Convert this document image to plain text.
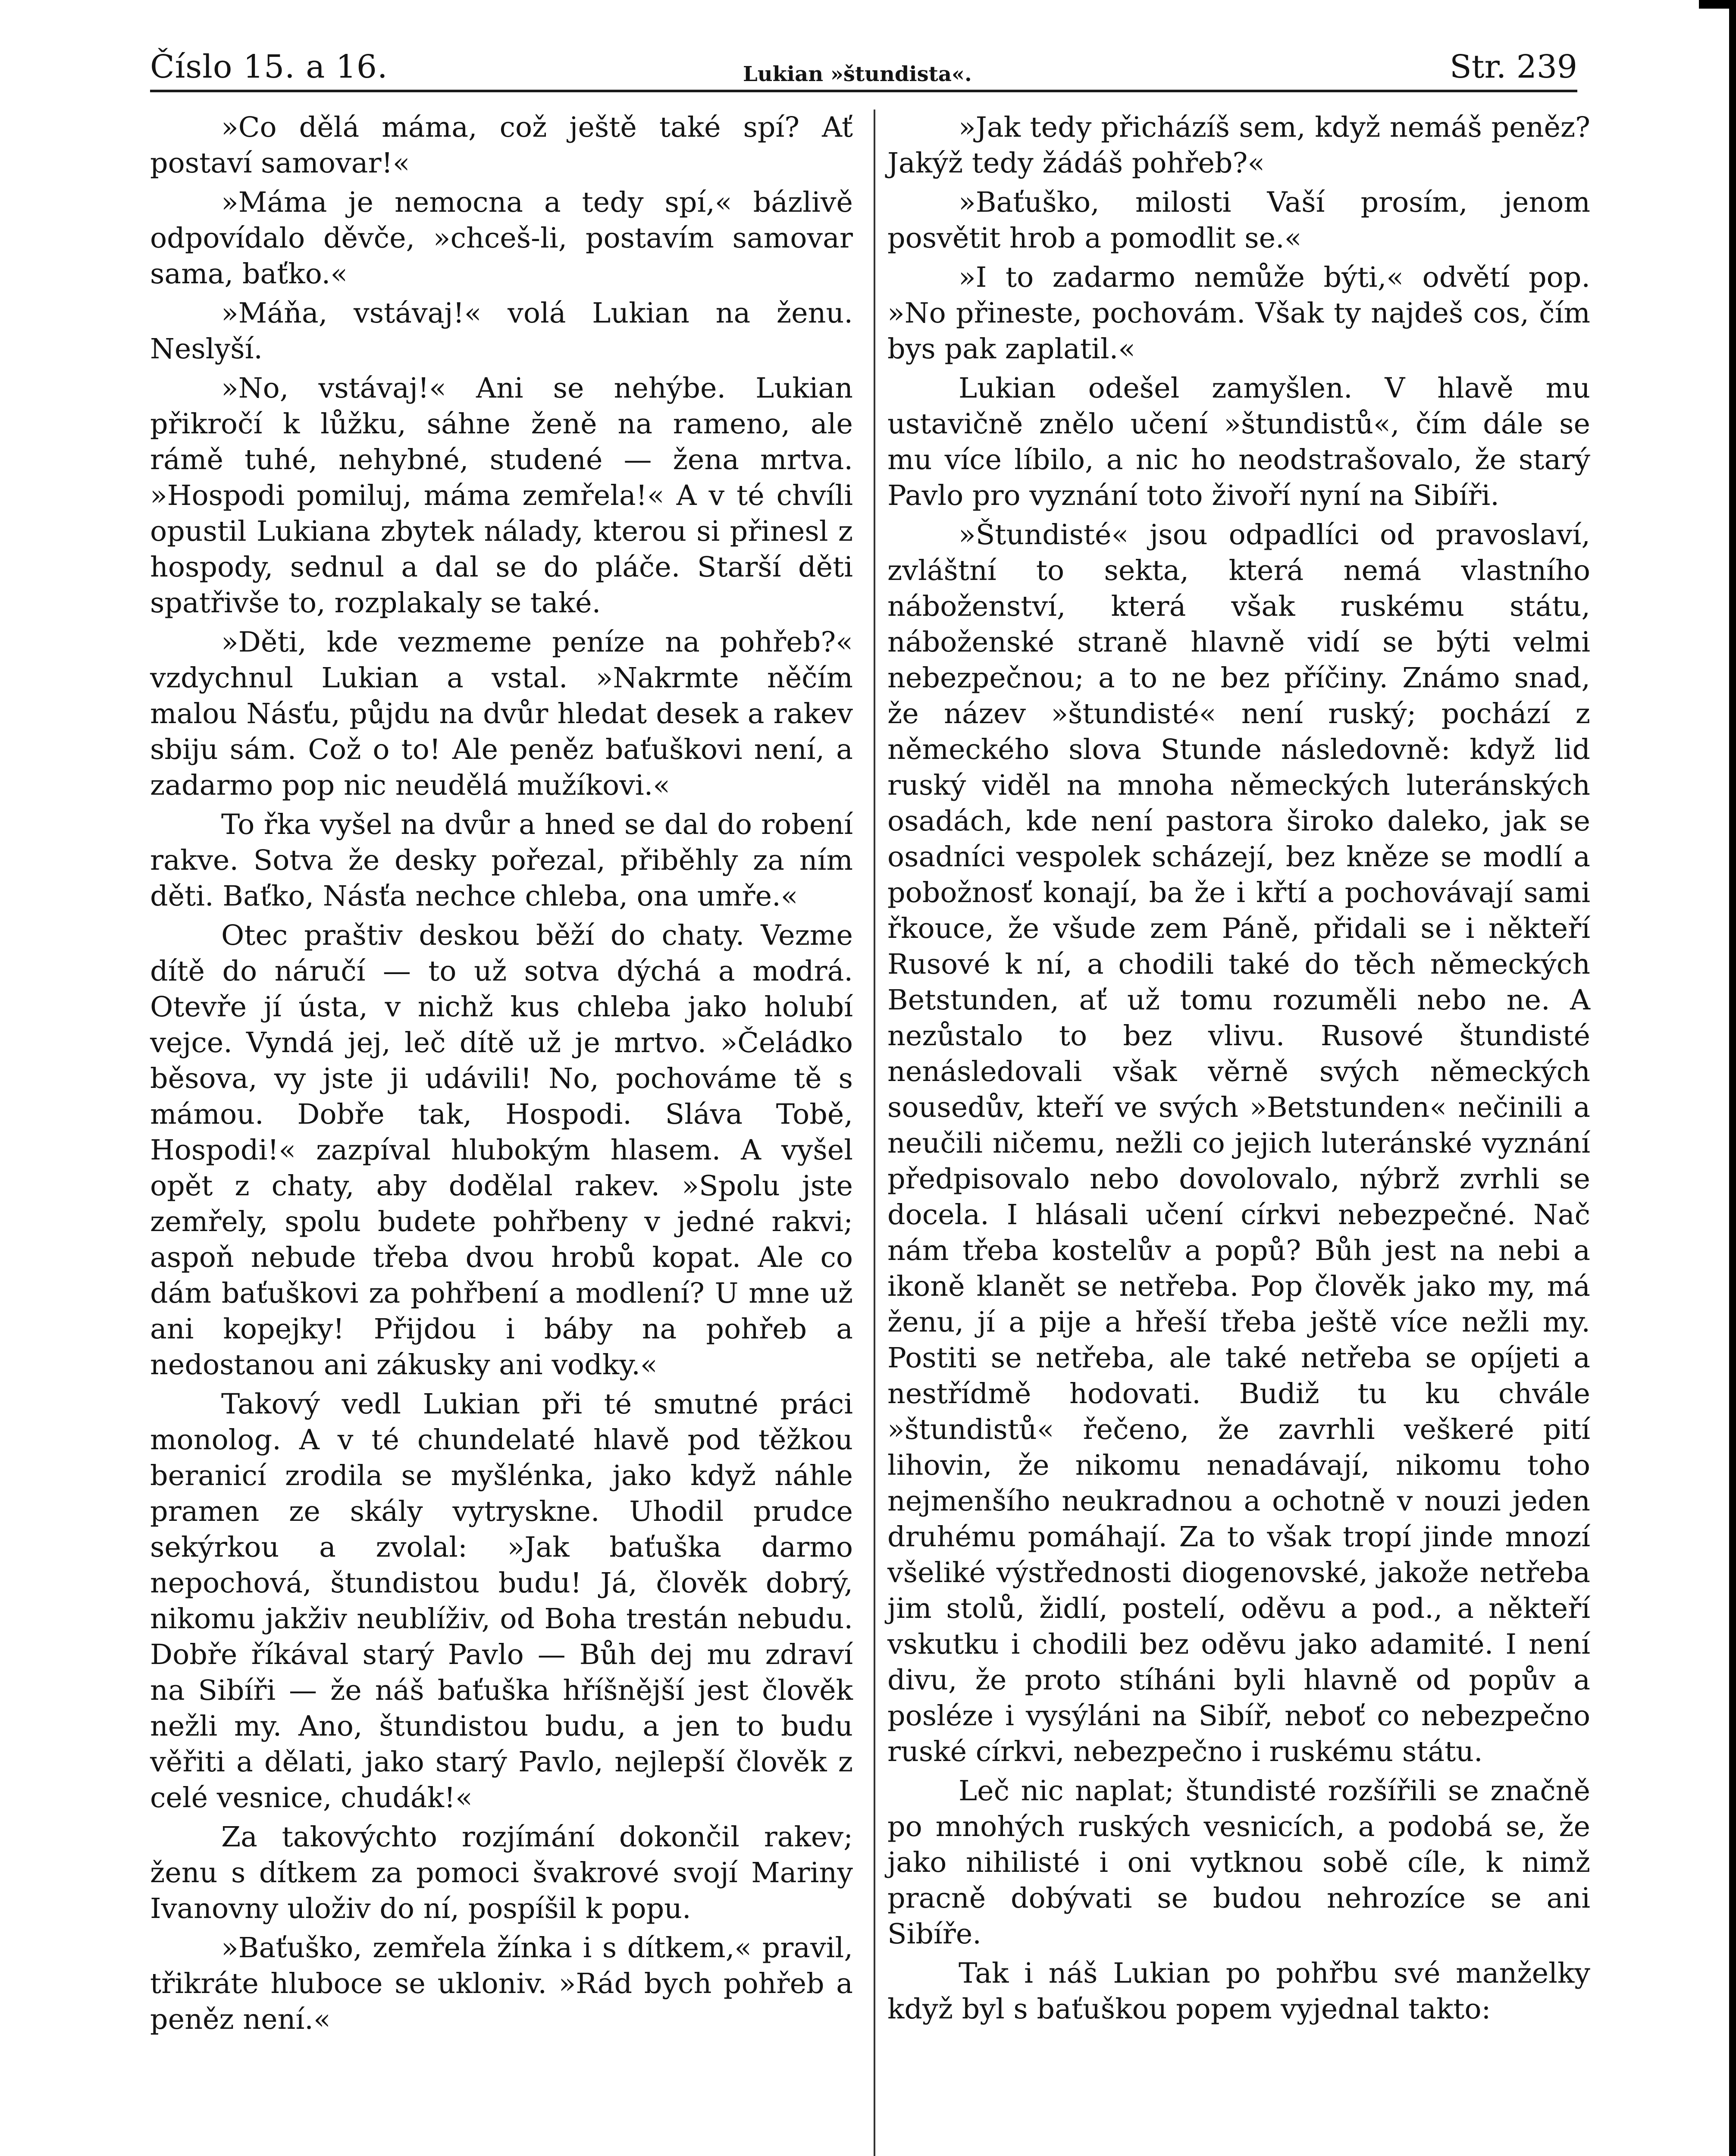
Číslo 15. a 16.	Lukian »štundista«.	Str. 239

»Co dělá máma, což ještě také spí? Ať postaví samovar!«

»Máma je nemocna a tedy spí,« bázlivě odpovídalo děvče, »chceš-li, postavím samovar sama, baťko.«

»Máňa, vstávaj!« volá Lukian na ženu. Neslyší.

»No, vstávaj!« Ani se nehýbe. Lukian přikročí k lůžku, sáhne ženě na rameno, ale rámě tuhé, nehybné, studené — žena mrtva. »Hospodi pomiluj, máma zemřela!« A v té chvíli opustil Lukiana zbytek nálady, kterou si přinesl z hospody, sednul a dal se do pláče. Starší děti spatřivše to, rozplakaly se také.

»Děti, kde vezmeme peníze na pohřeb?« vzdychnul Lukian a vstal. »Nakrmte něčím malou Násťu, půjdu na dvůr hledat desek a rakev sbiju sám. Což o to! Ale peněz baťuškovi není, a zadarmo pop nic neudělá mužíkovi.«

To řka vyšel na dvůr a hned se dal do robení rakve. Sotva že desky pořezal, přiběhly za ním děti. Baťko, Násťa nechce chleba, ona umře.«

Otec praštiv deskou běží do chaty. Vezme dítě do náručí — to už sotva dýchá a modrá. Otevře jí ústa, v nichž kus chleba jako holubí vejce. Vyndá jej, leč dítě už je mrtvo. »Čeládko běsova, vy jste ji udávili! No, pochováme tě s mámou. Dobře tak, Hospodi. Sláva Tobě, Hospodi!« zazpíval hlubokým hlasem. A vyšel opět z chaty, aby dodělal rakev. »Spolu jste zemřely, spolu budete pohřbeny v jedné rakvi; aspoň nebude třeba dvou hrobů kopat. Ale co dám baťuškovi za pohřbení a modlení? U mne už ani kopejky! Přijdou i báby na pohřeb a nedostanou ani zákusky ani vodky.«

Takový vedl Lukian při té smutné práci monolog. A v té chundelaté hlavě pod těžkou beranicí zrodila se myšlénka, jako když náhle pramen ze skály vytryskne. Uhodil prudce sekýrkou a zvolal: »Jak baťuška darmo nepochová, štundistou budu! Já, člověk dobrý, nikomu jakživ neublíživ, od Boha trestán nebudu. Dobře říkával starý Pavlo — Bůh dej mu zdraví na Sibíři — že náš baťuška hříšnější jest člověk nežli my. Ano, štundistou budu, a jen to budu věřiti a dělati, jako starý Pavlo, nejlepší člověk z celé vesnice, chudák!«

Za takovýchto rozjímání dokončil rakev; ženu s dítkem za pomoci švakrové svojí Mariny Ivanovny uloživ do ní, pospíšil k popu.

»Baťuško, zemřela žínka i s dítkem,« pravil, třikráte hluboce se ukloniv. »Rád bych pohřeb a peněz není.«

»Jak tedy přicházíš sem, když nemáš peněz? Jakýž tedy žádáš pohřeb?«

»Baťuško, milosti Vaší prosím, jenom posvětit hrob a pomodlit se.«

»I to zadarmo nemůže býti,« odvětí pop. »No přineste, pochovám. Však ty najdeš cos, čím bys pak zaplatil.«

Lukian odešel zamyšlen. V hlavě mu ustavičně znělo učení »štundistů«, čím dále se mu více líbilo, a nic ho neodstrašovalo, že starý Pavlo pro vyznání toto živoří nyní na Sibíři.

»Štundisté« jsou odpadlíci od pravoslaví, zvláštní to sekta, která nemá vlastního náboženství, která však ruskému státu, náboženské straně hlavně vidí se býti velmi nebezpečnou; a to ne bez příčiny. Známo snad, že název »štundisté« není ruský; pochází z německého slova Stunde následovně: když lid ruský viděl na mnoha německých luteránských osadách, kde není pastora široko daleko, jak se osadníci vespolek scházejí, bez kněze se modlí a pobožnosť konají, ba že i křtí a pochovávají sami řkouce, že všude zem Páně, přidali se i někteří Rusové k ní, a chodili také do těch německých Betstunden, ať už tomu rozuměli nebo ne. A nezůstalo to bez vlivu. Rusové štundisté nenásledovali však věrně svých německých sousedův, kteří ve svých »Betstunden« nečinili a neučili ničemu, nežli co jejich luteránské vyznání předpisovalo nebo dovolovalo, nýbrž zvrhli se docela. I hlásali učení církvi nebezpečné. Nač nám třeba kostelův a popů? Bůh jest na nebi a ikoně klanět se netřeba. Pop člověk jako my, má ženu, jí a pije a hřeší třeba ještě více nežli my. Postiti se netřeba, ale také netřeba se opíjeti a nestřídmě hodovati. Budiž tu ku chvále »štundistů« řečeno, že zavrhli veškeré pití lihovin, že nikomu nenadávají, nikomu toho nejmenšího neukradnou a ochotně v nouzi jeden druhému pomáhají. Za to však tropí jinde mnozí všeliké výstřednosti diogenovské, jakože netřeba jim stolů, židlí, postelí, oděvu a pod., a někteří vskutku i chodili bez oděvu jako adamité. I není divu, že proto stíháni byli hlavně od popův a posléze i vysýláni na Sibíř, neboť co nebezpečno ruské církvi, nebezpečno i ruskému státu.

Leč nic naplat; štundisté rozšířili se značně po mnohých ruských vesnicích, a podobá se, že jako nihilisté i oni vytknou sobě cíle, k nimž pracně dobývati se budou nehrozíce se ani Sibíře.

Tak i náš Lukian po pohřbu své manželky když byl s baťuškou popem vyjednal takto:
